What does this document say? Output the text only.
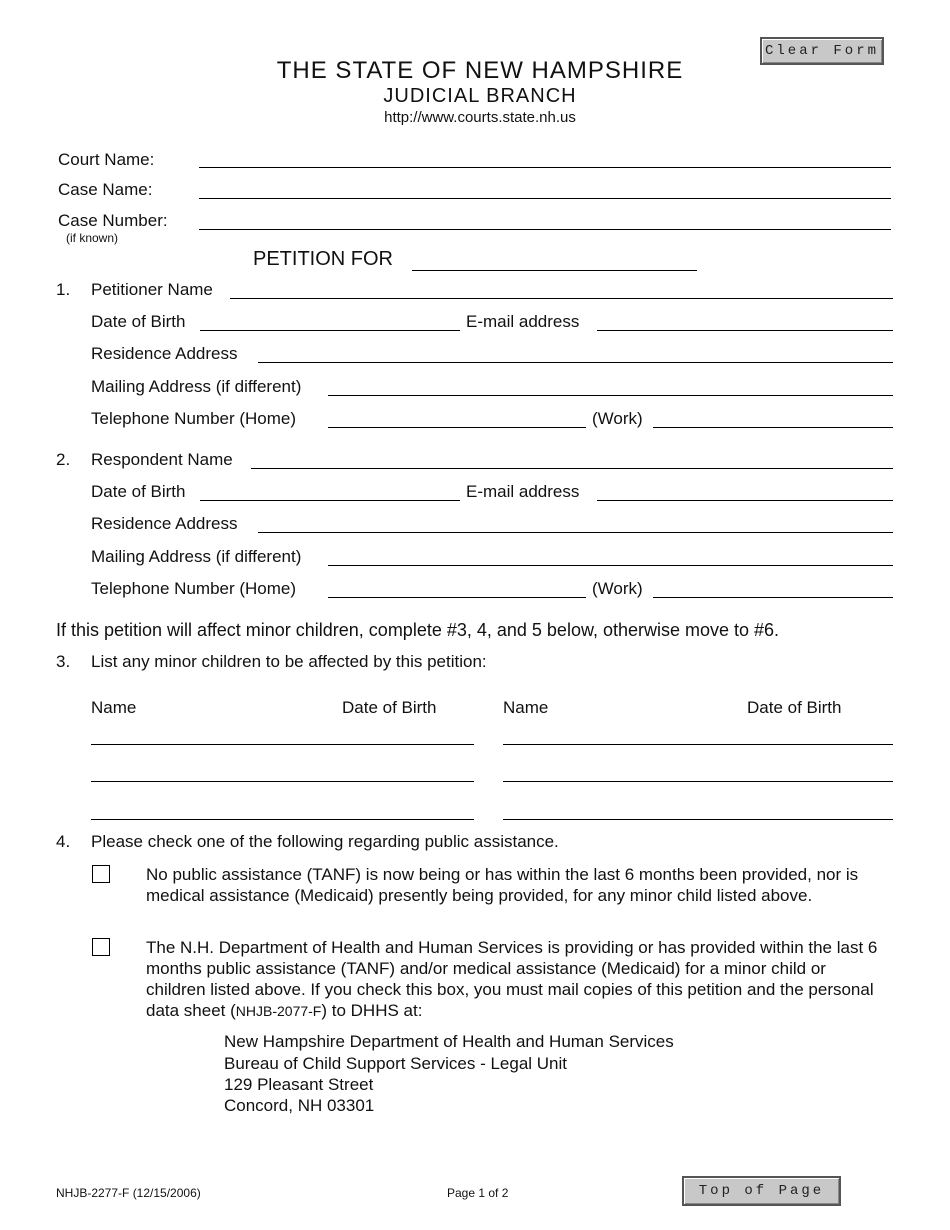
Clear Form
THE STATE OF NEW HAMPSHIRE
JUDICIAL BRANCH
http://www.courts.state.nh.us
Court Name:
Case Name:
Case Number:
(if known)
PETITION FOR
1. Petitioner Name
Date of Birth	E-mail address
Residence Address
Mailing Address (if different)
Telephone Number (Home)	(Work)
2. Respondent Name
Date of Birth	E-mail address
Residence Address
Mailing Address (if different)
Telephone Number (Home)	(Work)
If this petition will affect minor children, complete #3, 4, and 5 below, otherwise move to #6.
3. List any minor children to be affected by this petition:
Name	Date of Birth	Name	Date of Birth
4. Please check one of the following regarding public assistance.
No public assistance (TANF) is now being or has within the last 6 months been provided, nor is medical assistance (Medicaid) presently being provided, for any minor child listed above.
The N.H. Department of Health and Human Services is providing or has provided within the last 6 months public assistance (TANF) and/or medical assistance (Medicaid) for a minor child or children listed above. If you check this box, you must mail copies of this petition and the personal data sheet (NHJB-2077-F) to DHHS at:
New Hampshire Department of Health and Human Services
Bureau of Child Support Services - Legal Unit
129 Pleasant Street
Concord, NH 03301
NHJB-2277-F (12/15/2006)	Page 1 of 2	Top of Page
